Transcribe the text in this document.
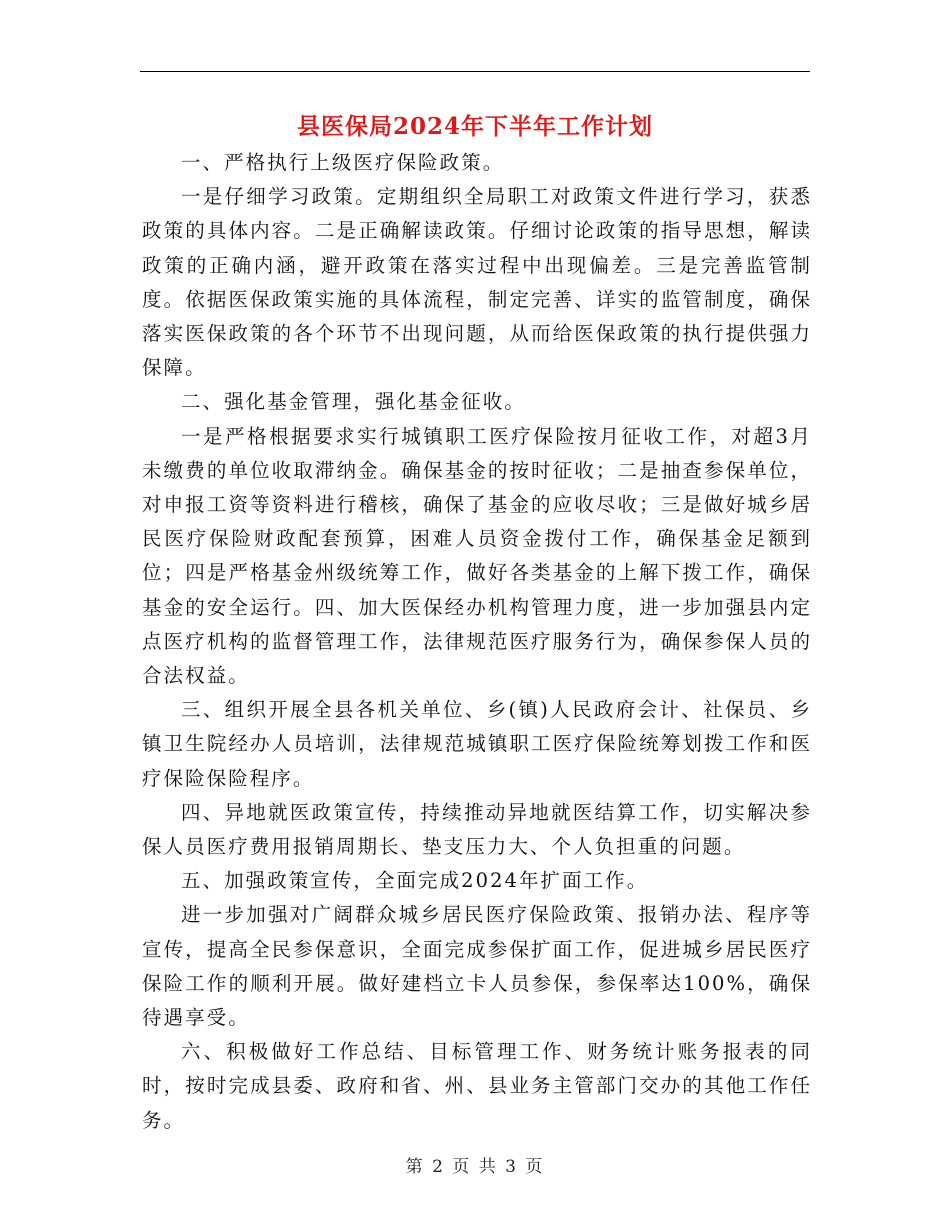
县医保局2024年下半年工作计划

一、严格执行上级医疗保险政策。

一是仔细学习政策。定期组织全局职工对政策文件进行学习，获悉政策的具体内容。二是正确解读政策。仔细讨论政策的指导思想，解读政策的正确内涵，避开政策在落实过程中出现偏差。三是完善监管制度。依据医保政策实施的具体流程，制定完善、详实的监管制度，确保落实医保政策的各个环节不出现问题，从而给医保政策的执行提供强力保障。

二、强化基金管理，强化基金征收。

一是严格根据要求实行城镇职工医疗保险按月征收工作，对超3月未缴费的单位收取滞纳金。确保基金的按时征收；二是抽查参保单位，对申报工资等资料进行稽核，确保了基金的应收尽收；三是做好城乡居民医疗保险财政配套预算，困难人员资金拨付工作，确保基金足额到位；四是严格基金州级统筹工作，做好各类基金的上解下拨工作，确保基金的安全运行。四、加大医保经办机构管理力度，进一步加强县内定点医疗机构的监督管理工作，法律规范医疗服务行为，确保参保人员的合法权益。

三、组织开展全县各机关单位、乡(镇)人民政府会计、社保员、乡镇卫生院经办人员培训，法律规范城镇职工医疗保险统筹划拨工作和医疗保险保险程序。

四、异地就医政策宣传，持续推动异地就医结算工作，切实解决参保人员医疗费用报销周期长、垫支压力大、个人负担重的问题。

五、加强政策宣传，全面完成2024年扩面工作。

进一步加强对广阔群众城乡居民医疗保险政策、报销办法、程序等宣传，提高全民参保意识，全面完成参保扩面工作，促进城乡居民医疗保险工作的顺利开展。做好建档立卡人员参保，参保率达100%，确保待遇享受。

六、积极做好工作总结、目标管理工作、财务统计账务报表的同时，按时完成县委、政府和省、州、县业务主管部门交办的其他工作任务。

第 2 页 共 3 页
